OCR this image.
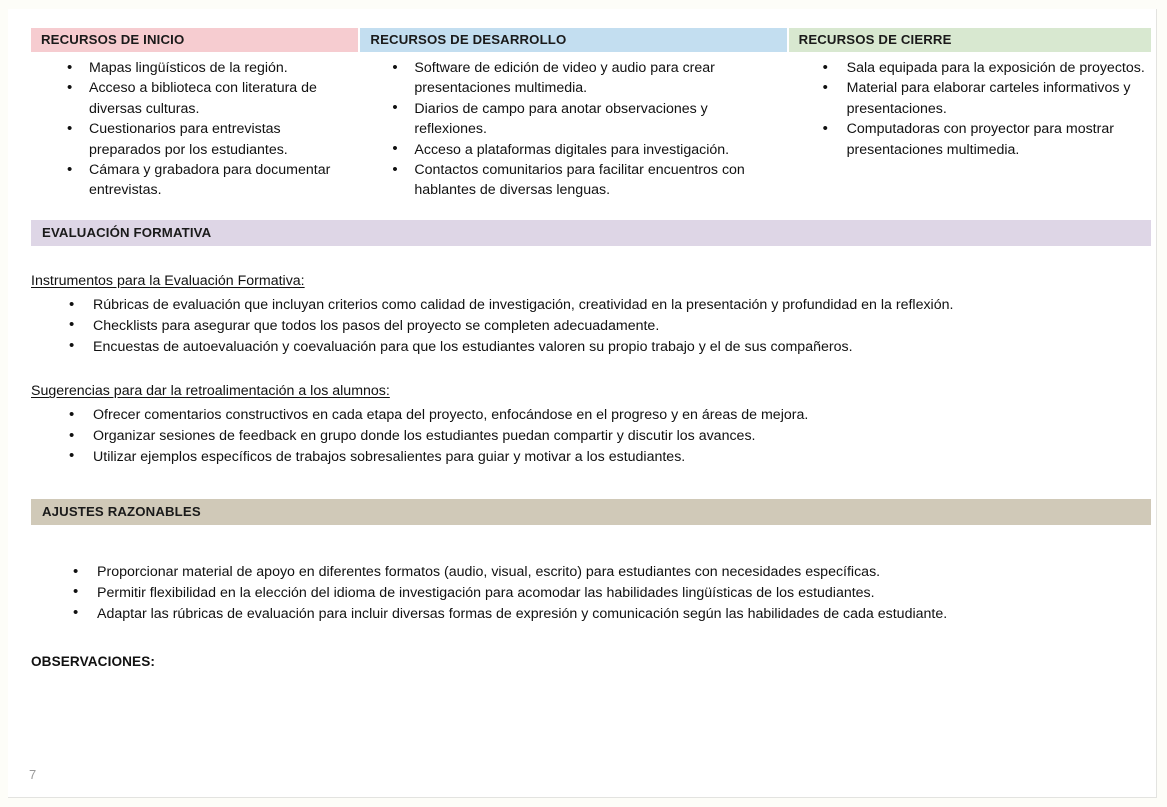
RECURSOS DE INICIO
• Mapas lingüísticos de la región.
• Acceso a biblioteca con literatura de diversas culturas.
• Cuestionarios para entrevistas preparados por los estudiantes.
• Cámara y grabadora para documentar entrevistas.
RECURSOS DE DESARROLLO
• Software de edición de video y audio para crear presentaciones multimedia.
• Diarios de campo para anotar observaciones y reflexiones.
• Acceso a plataformas digitales para investigación.
• Contactos comunitarios para facilitar encuentros con hablantes de diversas lenguas.
RECURSOS DE CIERRE
• Sala equipada para la exposición de proyectos.
• Material para elaborar carteles informativos y presentaciones.
• Computadoras con proyector para mostrar presentaciones multimedia.
EVALUACIÓN FORMATIVA
Instrumentos para la Evaluación Formativa:
• Rúbricas de evaluación que incluyan criterios como calidad de investigación, creatividad en la presentación y profundidad en la reflexión.
• Checklists para asegurar que todos los pasos del proyecto se completen adecuadamente.
• Encuestas de autoevaluación y coevaluación para que los estudiantes valoren su propio trabajo y el de sus compañeros.
Sugerencias para dar la retroalimentación a los alumnos:
• Ofrecer comentarios constructivos en cada etapa del proyecto, enfocándose en el progreso y en áreas de mejora.
• Organizar sesiones de feedback en grupo donde los estudiantes puedan compartir y discutir los avances.
• Utilizar ejemplos específicos de trabajos sobresalientes para guiar y motivar a los estudiantes.
AJUSTES RAZONABLES
• Proporcionar material de apoyo en diferentes formatos (audio, visual, escrito) para estudiantes con necesidades específicas.
• Permitir flexibilidad en la elección del idioma de investigación para acomodar las habilidades lingüísticas de los estudiantes.
• Adaptar las rúbricas de evaluación para incluir diversas formas de expresión y comunicación según las habilidades de cada estudiante.
OBSERVACIONES:
7
